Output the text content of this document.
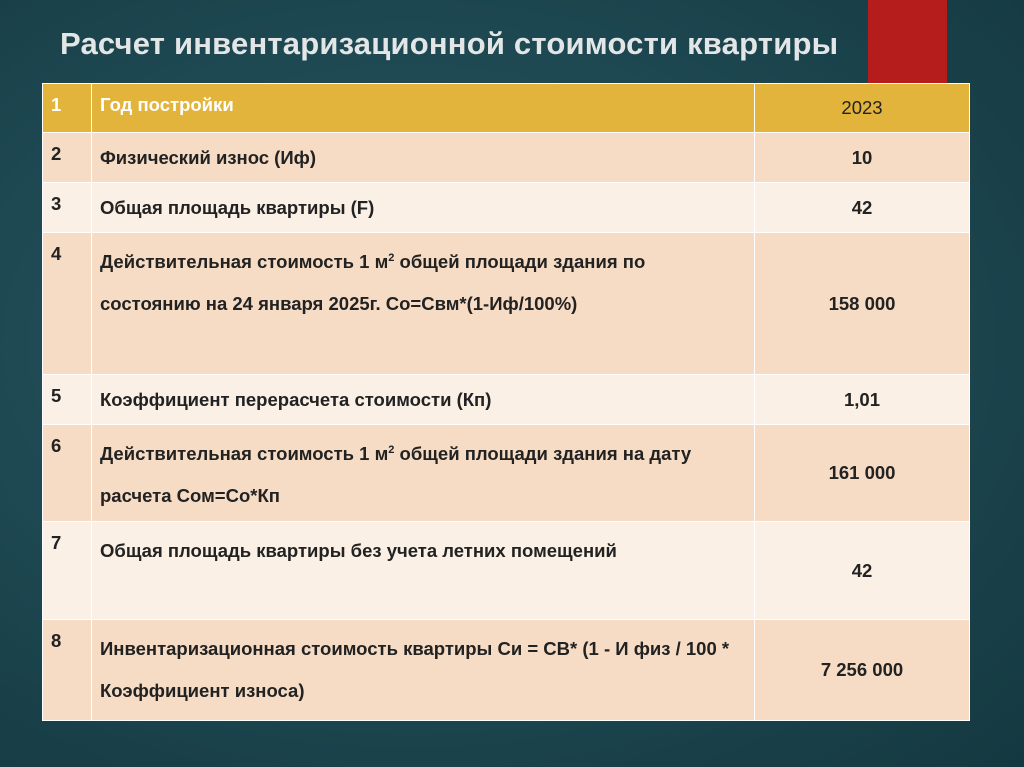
Расчет инвентаризационной стоимости квартиры
1	Год постройки	2023
2	Физический износ (Иф)	10
3	Общая площадь квартиры (F)	42
4	Действительная стоимость 1 $м^2$ общей площади здания по состоянию на 24 января 2025г. Со=Свм*(1-Иф/100%)	158 000
5	Коэффициент перерасчета стоимости (Кп)	1,01
6	Действительная стоимость 1 $м^2$ общей площади здания на дату расчета Сом=Со*Кп	161 000
7	Общая площадь квартиры без учета летних помещений	42
8	Инвентаризационная стоимость квартиры Си = СВ* (1 - И физ / 100 * Коэффициент износа)	7 256 000
